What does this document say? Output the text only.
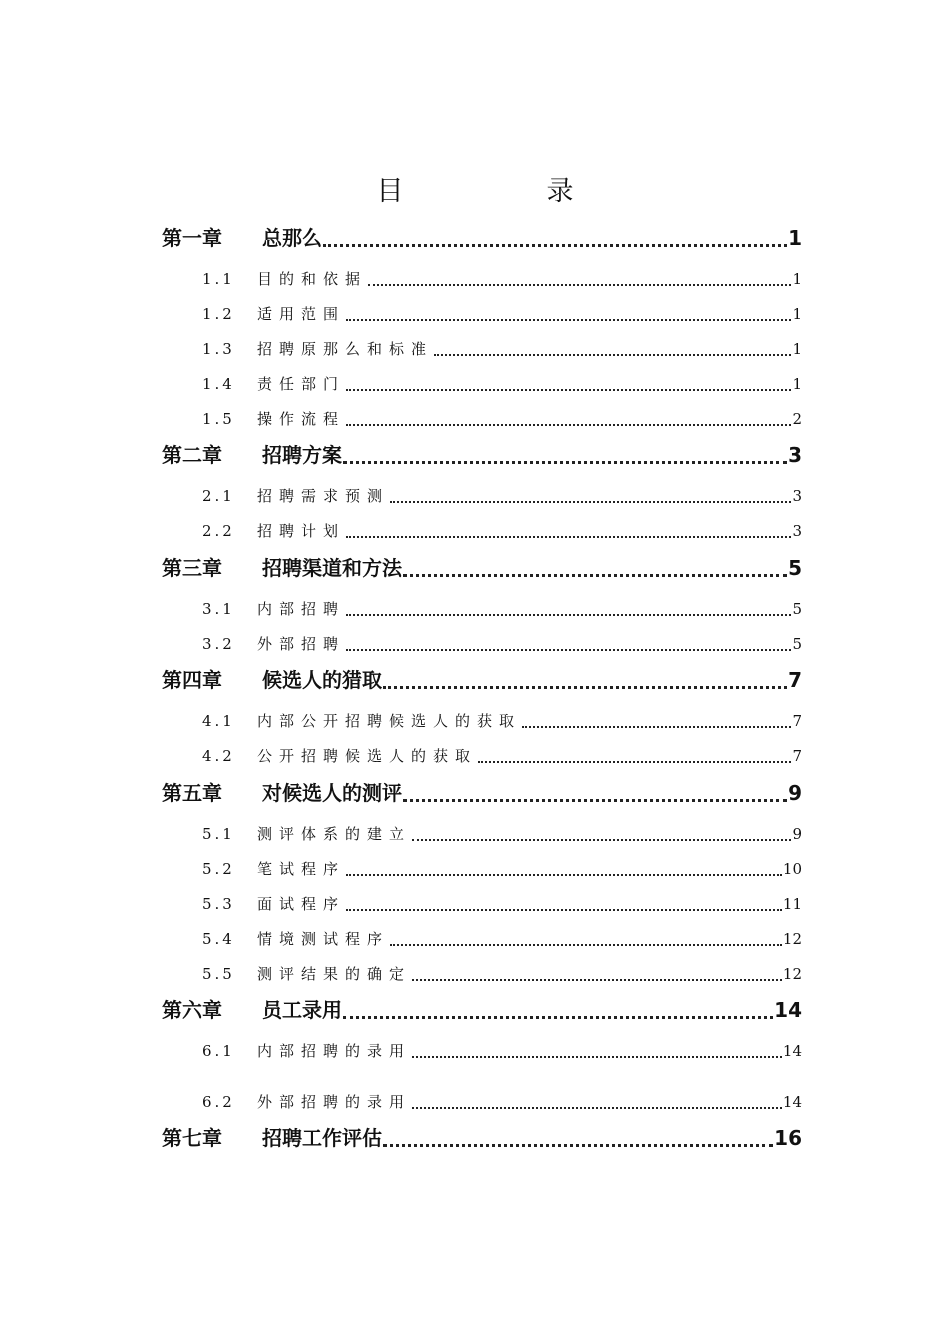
目　录
第一章	总那么	1
1.1	目的和依据	1
1.2	适用范围	1
1.3	招聘原那么和标准	1
1.4	责任部门	1
1.5	操作流程	2
第二章	招聘方案	3
2.1	招聘需求预测	3
2.2	招聘计划	3
第三章	招聘渠道和方法	5
3.1	内部招聘	5
3.2	外部招聘	5
第四章	候选人的猎取	7
4.1	内部公开招聘候选人的获取	7
4.2	公开招聘候选人的获取	7
第五章	对候选人的测评	9
5.1	测评体系的建立	9
5.2	笔试程序	10
5.3	面试程序	11
5.4	情境测试程序	12
5.5	测评结果的确定	12
第六章	员工录用	14
6.1	内部招聘的录用	14
6.2	外部招聘的录用	14
第七章	招聘工作评估	16
